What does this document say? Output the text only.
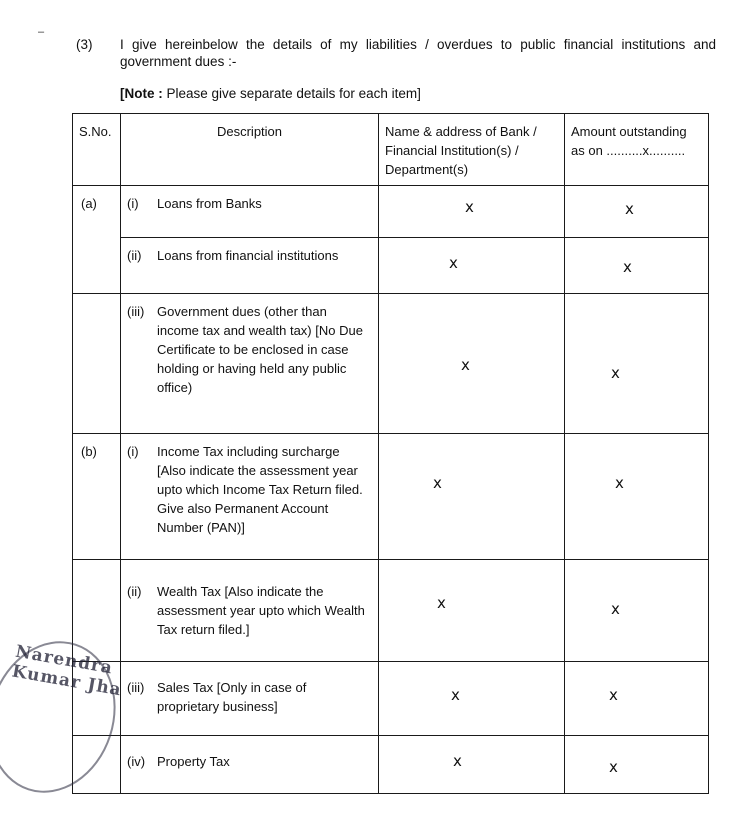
–
(3)	I give hereinbelow the details of my liabilities / overdues to public financial institutions and government dues :-
[Note : Please give separate details for each item]
S.No.	Description	Name & address of Bank / Financial Institution(s) / Department(s)	Amount outstanding as on ..........x..........
(a)	(i) Loans from Banks	x	x

	(ii) Loans from financial institutions	x	x

	(iii) Government dues (other than income tax and wealth tax) [No Due Certificate to be enclosed in case holding or having held any public office)	x	x

(b)	(i) Income Tax including surcharge [Also indicate the assessment year upto which Income Tax Return filed. Give also Permanent Account Number (PAN)]	x	x

	(ii) Wealth Tax [Also indicate the assessment year upto which Wealth Tax return filed.]	x	x

	(iii) Sales Tax [Only in case of proprietary business]	x	x

	(iv) Property Tax	x	x
Narendra Kumar Jha
